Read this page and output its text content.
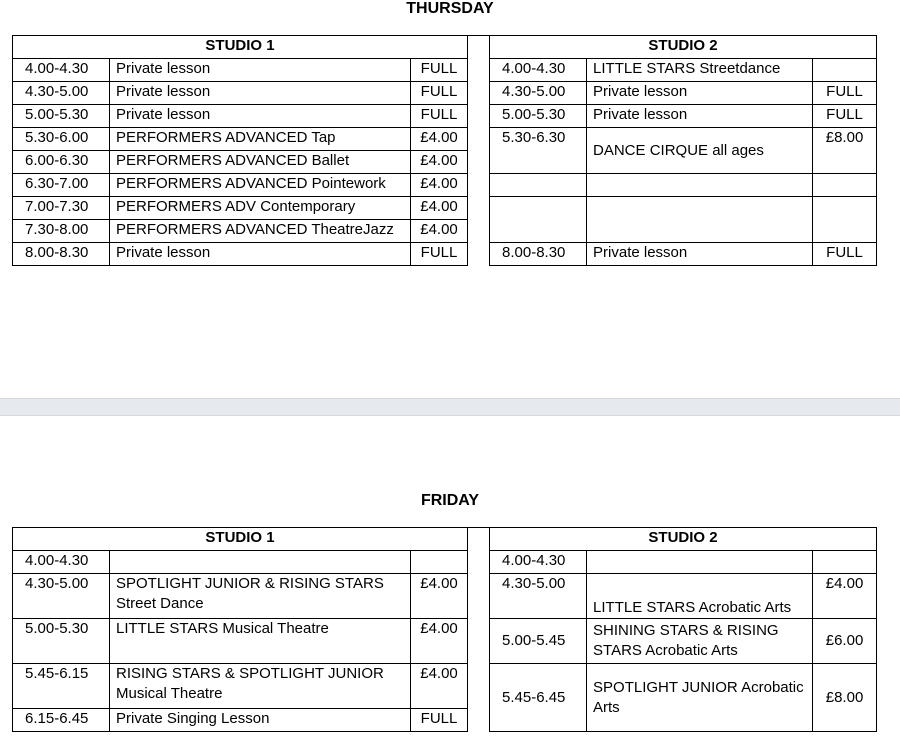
THURSDAY
STUDIO 1				STUDIO 2		
4.00-4.30	Private lesson	FULL		4.00-4.30	LITTLE STARS Streetdance	
4.30-5.00	Private lesson	FULL		4.30-5.00	Private lesson	FULL
5.00-5.30	Private lesson	FULL		5.00-5.30	Private lesson	FULL
5.30-6.00	PERFORMERS ADVANCED Tap	£4.00		5.30-6.30	DANCE CIRQUE all ages	£8.00
6.00-6.30	PERFORMERS ADVANCED Ballet	£4.00				
6.30-7.00	PERFORMERS ADVANCED Pointework	£4.00				
7.00-7.30	PERFORMERS ADV Contemporary	£4.00				
7.30-8.00	PERFORMERS ADVANCED TheatreJazz	£4.00				
8.00-8.30	Private lesson	FULL		8.00-8.30	Private lesson	FULL
FRIDAY
STUDIO 1				STUDIO 2		
4.00-4.30				4.00-4.30		
4.30-5.00	SPOTLIGHT JUNIOR & RISING STARS Street Dance	£4.00		4.30-5.00	LITTLE STARS Acrobatic Arts	£4.00
5.00-5.30	LITTLE STARS Musical Theatre	£4.00		5.00-5.45	SHINING STARS & RISING STARS Acrobatic Arts	£6.00

5.45-6.15	RISING STARS & SPOTLIGHT JUNIOR Musical Theatre	£4.00		5.45-6.45	SPOTLIGHT JUNIOR Acrobatic Arts	£8.00

6.15-6.45	Private Singing Lesson	FULL				
